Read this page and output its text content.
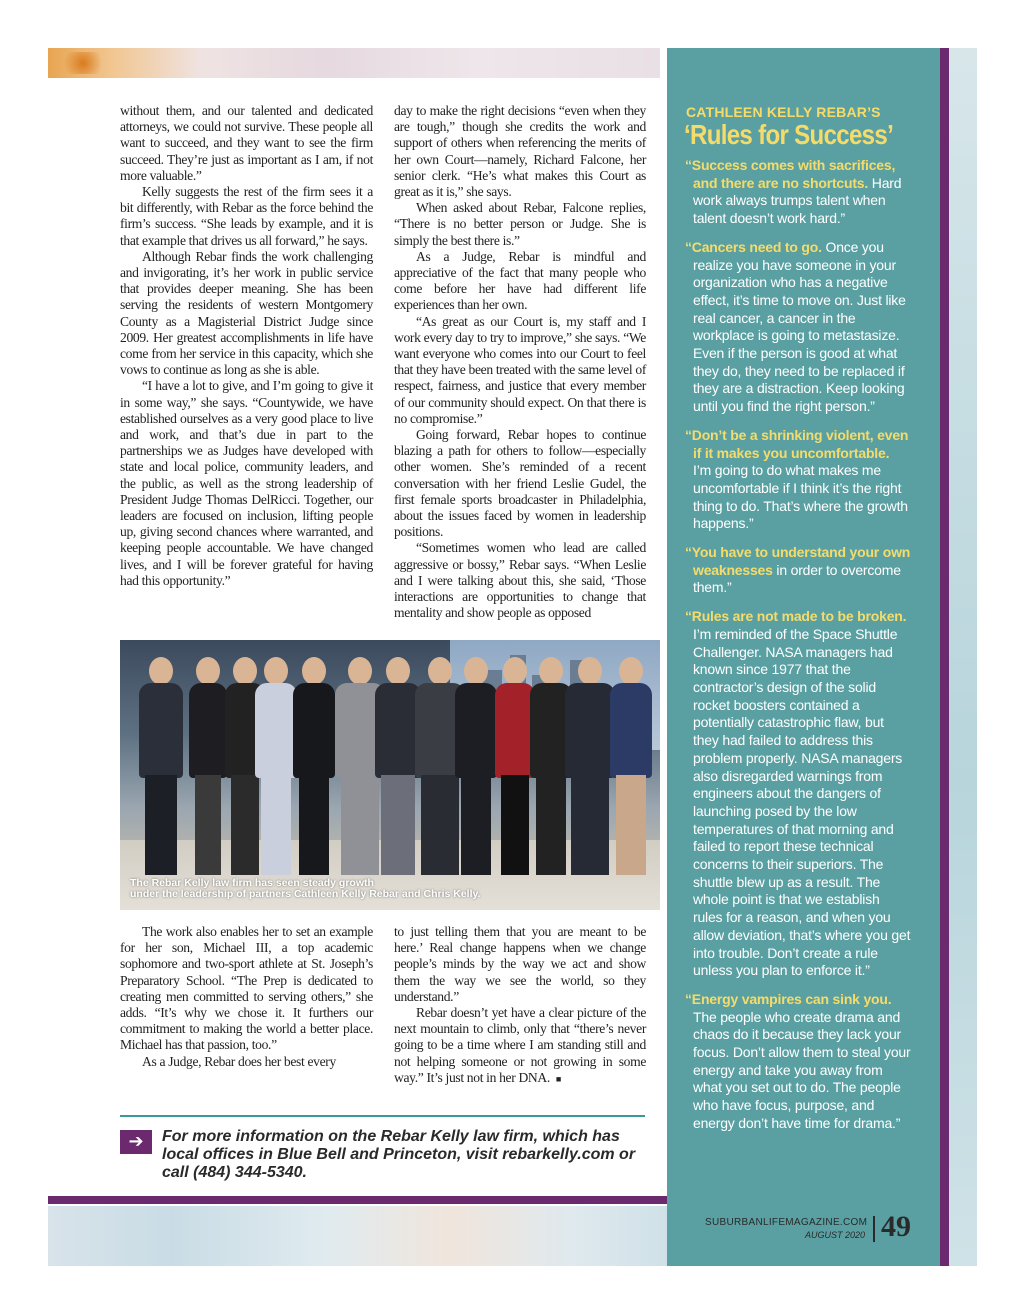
without them, and our talented and dedicated attorneys, we could not survive. These people all want to succeed, and they want to see the firm succeed. They’re just as important as I am, if not more valuable.”

Kelly suggests the rest of the firm sees it a bit differently, with Rebar as the force behind the firm’s success. “She leads by example, and it is that example that drives us all forward,” he says.

Although Rebar finds the work challenging and invigorating, it’s her work in public service that provides deeper meaning. She has been serving the residents of western Montgomery County as a Magisterial District Judge since 2009. Her greatest accomplishments in life have come from her service in this capacity, which she vows to continue as long as she is able.

“I have a lot to give, and I’m going to give it in some way,” she says. “Countywide, we have established ourselves as a very good place to live and work, and that’s due in part to the partnerships we as Judges have developed with state and local police, community leaders, and the public, as well as the strong leadership of President Judge Thomas DelRicci. Together, our leaders are focused on inclusion, lifting people up, giving second chances where warranted, and keeping people accountable. We have changed lives, and I will be forever grateful for having had this opportunity.”

day to make the right decisions “even when they are tough,” though she credits the work and support of others when referencing the merits of her own Court—namely, Richard Falcone, her senior clerk. “He’s what makes this Court as great as it is,” she says.

When asked about Rebar, Falcone replies, “There is no better person or Judge. She is simply the best there is.”

As a Judge, Rebar is mindful and appreciative of the fact that many people who come before her have had different life experiences than her own.

“As great as our Court is, my staff and I work every day to try to improve,” she says. “We want everyone who comes into our Court to feel that they have been treated with the same level of respect, fairness, and justice that every member of our community should expect. On that there is no compromise.”

Going forward, Rebar hopes to continue blazing a path for others to follow—especially other women. She’s reminded of a recent conversation with her friend Leslie Gudel, the first female sports broadcaster in Philadelphia, about the issues faced by women in leadership positions.

“Sometimes women who lead are called aggressive or bossy,” Rebar says. “When Leslie and I were talking about this, she said, ‘Those interactions are opportunities to change that mentality and show people as opposed

The Rebar Kelly law firm has seen steady growth
under the leadership of partners Cathleen Kelly Rebar and Chris Kelly.

The work also enables her to set an example for her son, Michael III, a top academic sophomore and two-sport athlete at St. Joseph’s Preparatory School. “The Prep is dedicated to creating men committed to serving others,” she adds. “It’s why we chose it. It furthers our commitment to making the world a better place. Michael has that passion, too.”

As a Judge, Rebar does her best every

to just telling them that you are meant to be here.’ Real change happens when we change people’s minds by the way we act and show them the way we see the world, so they understand.”

Rebar doesn’t yet have a clear picture of the next mountain to climb, only that “there’s never going to be a time where I am standing still and not helping someone or not growing in some way.” It’s just not in her DNA. ■

➔	For more information on the Rebar Kelly law firm, which has local offices in Blue Bell and Princeton, visit rebarkelly.com or call (484) 344-5340.
CATHLEEN KELLY REBAR’S
‘Rules for Success’

“Success comes with sacrifices, and there are no shortcuts. Hard work always trumps talent when talent doesn’t work hard.”

“Cancers need to go. Once you realize you have someone in your organization who has a negative effect, it’s time to move on. Just like real cancer, a cancer in the workplace is going to metastasize. Even if the person is good at what they do, they need to be replaced if they are a distraction. Keep looking until you find the right person.”

“Don’t be a shrinking violent, even if it makes you uncomfortable. I’m going to do what makes me uncomfortable if I think it’s the right thing to do. That’s where the growth happens.”

“You have to understand your own weaknesses in order to overcome them.”

“Rules are not made to be broken. I’m reminded of the Space Shuttle Challenger. NASA managers had known since 1977 that the contractor’s design of the solid rocket boosters contained a potentially catastrophic flaw, but they had failed to address this problem properly. NASA managers also disregarded warnings from engineers about the dangers of launching posed by the low temperatures of that morning and failed to report these technical concerns to their superiors. The shuttle blew up as a result. The whole point is that we establish rules for a reason, and when you allow deviation, that’s where you get into trouble. Don’t create a rule unless you plan to enforce it.”

“Energy vampires can sink you. The people who create drama and chaos do it because they lack your focus. Don’t allow them to steal your energy and take you away from what you set out to do. The people who have focus, purpose, and energy don’t have time for drama.”

SUBURBANLIFEMAGAZINE.COM
AUGUST 2020 49
